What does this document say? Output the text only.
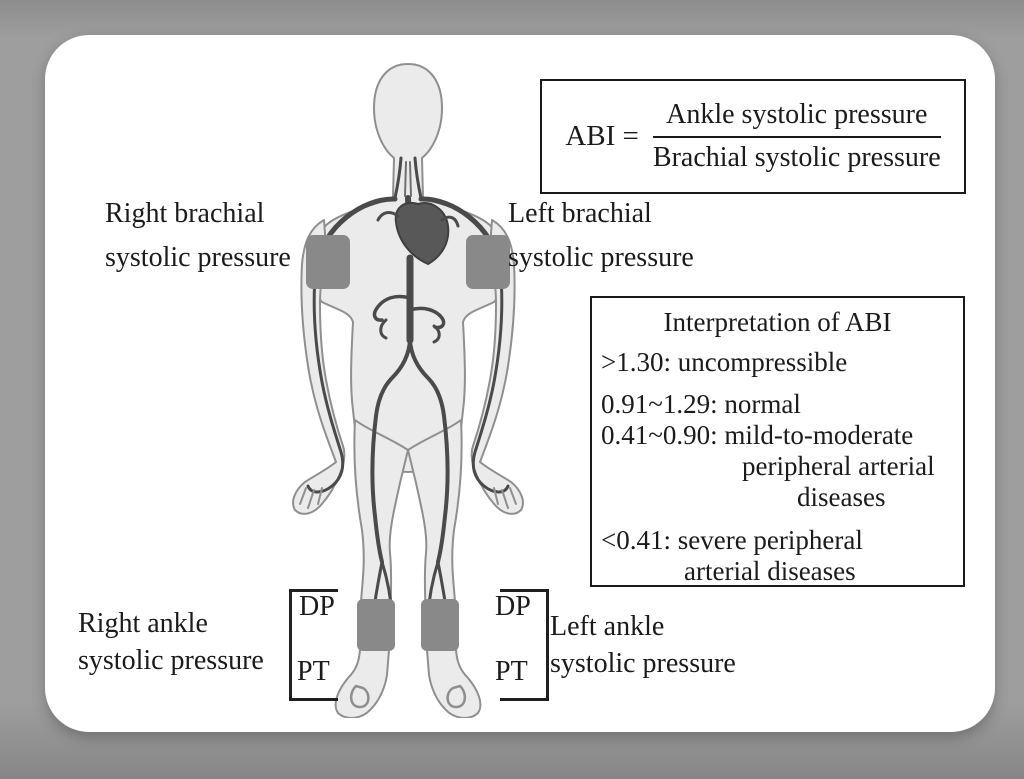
ABI = $\frac{\text{Ankle systolic pressure}}{\text{Brachial systolic pressure}}$
Interpretation of ABI
>1.30: uncompressible
0.91~1.29: normal
0.41~0.90: mild-to-moderate
peripheral arterial
diseases
<0.41: severe peripheral
arterial diseases
Right brachial
systolic pressure
Left brachial
systolic pressure
Right ankle
systolic pressure
Left ankle
systolic pressure
DP
PT
DP
PT
